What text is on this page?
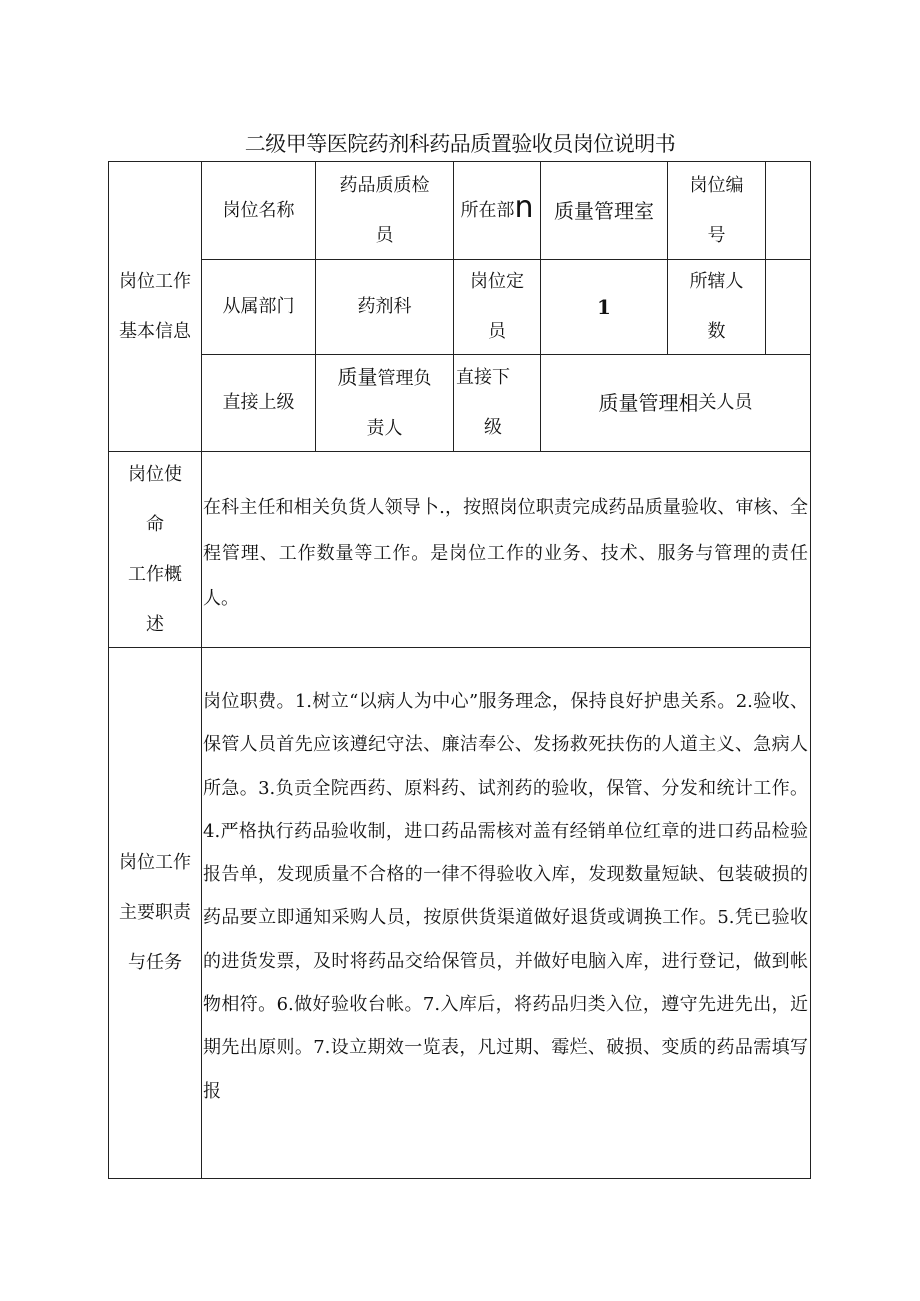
二级甲等医院药剂科药品质置验收员岗位说明书
岗位工作
基本信息
岗位名称
药品质质检
员
所在部 n	质量管理室
岗位编
号
从属部门	药剂科
岗位定
员
1
所辖人
数
直接上级
质量管理负
责人
直接下
级
质量管理相 关人员
岗位使
命
工作概
述
在科主任和相关负货人领导卜.，按照岗位职责完成药品质量验收、审核、全程管理、工作数量等工作。是岗位工作的业务、技术、服务与管理的责任人。
岗位工作
主要职责
与任务
岗位职费。1.树立“以病人为中心”服务理念，保持良好护患关系。2.验收、保管人员首先应该遵纪守法、廉洁奉公、发扬救死扶伤的人道主义、急病人所急。3.负贡全院西药、原料药、试剂药的验收，保管、分发和统计工作。4.严格执行药品验收制，进口药品需核对盖有经销单位红章的进口药品检验报告单，发现质量不合格的一律不得验收入库，发现数量短缺、包装破损的药品要立即通知采购人员，按原供货渠道做好退货或调换工作。5.凭已验收的进货发票，及时将药品交给保管员，并做好电脑入库，进行登记，做到帐物相符。6.做好验收台帐。7.入库后，将药品归类入位，遵守先进先出，近期先出原则。7.设立期效一览表，凡过期、霉烂、破损、变质的药品需填写报
